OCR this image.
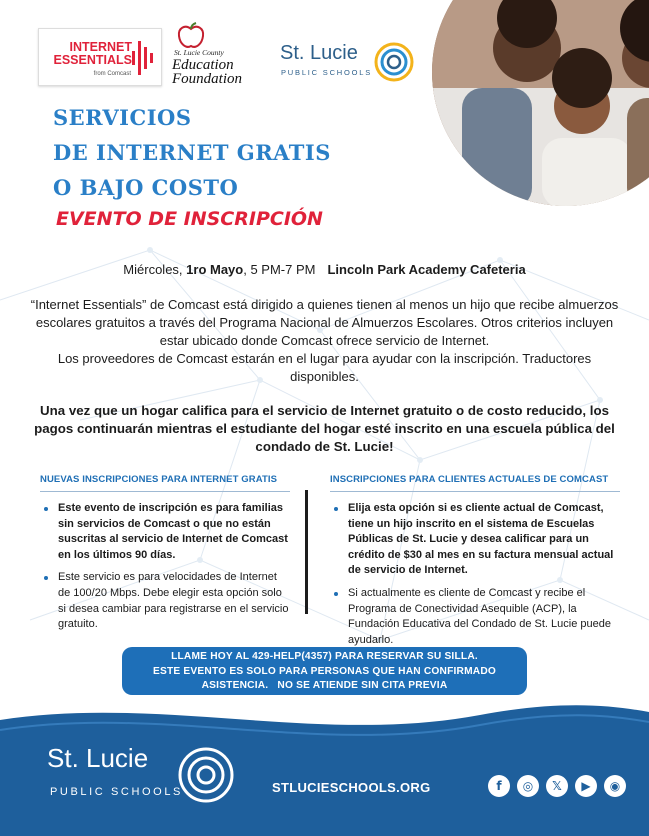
INTERNET
ESSENTIALS
from Comcast
St. Lucie County
Education
Foundation
St. Lucie
PUBLIC SCHOOLS
SERVICIOS
DE INTERNET GRATIS
O BAJO COSTO
EVENTO DE INSCRIPCIÓN
Miércoles, 1ro Mayo, 5 PM-7 PM Lincoln Park Academy Cafeteria
“Internet Essentials” de Comcast está dirigido a quienes tienen al menos un hijo que recibe almuerzos escolares gratuitos a través del Programa Nacional de Almuerzos Escolares. Otros criterios incluyen estar ubicado donde Comcast ofrece servicio de Internet.
Los proveedores de Comcast estarán en el lugar para ayudar con la inscripción. Traductores disponibles.
Una vez que un hogar califica para el servicio de Internet gratuito o de costo reducido, los pagos continuarán mientras el estudiante del hogar esté inscrito en una escuela pública del condado de St. Lucie!
NUEVAS INSCRIPCIONES PARA INTERNET GRATIS
Este evento de inscripción es para familias sin servicios de Comcast o que no están suscritas al servicio de Internet de Comcast en los últimos 90 días.
Este servicio es para velocidades de Internet de 100/20 Mbps. Debe elegir esta opción solo si desea cambiar para registrarse en el servicio gratuito.
INSCRIPCIONES PARA CLIENTES ACTUALES DE COMCAST
Elija esta opción si es cliente actual de Comcast, tiene un hijo inscrito en el sistema de Escuelas Públicas de St. Lucie y desea calificar para un crédito de $30 al mes en su factura mensual actual de servicio de Internet.
Si actualmente es cliente de Comcast y recibe el Programa de Conectividad Asequible (ACP), la Fundación Educativa del Condado de St. Lucie puede ayudarlo.
LLAME HOY AL 429-HELP(4357) PARA RESERVAR SU SILLA.
ESTE EVENTO ES SOLO PARA PERSONAS QUE HAN CONFIRMADO
ASISTENCIA.   NO SE ATIENDE SIN CITA PREVIA
St. Lucie
PUBLIC SCHOOLS	STLUCIESCHOOLS.ORG	f	◎	𝕏	▶	◉
